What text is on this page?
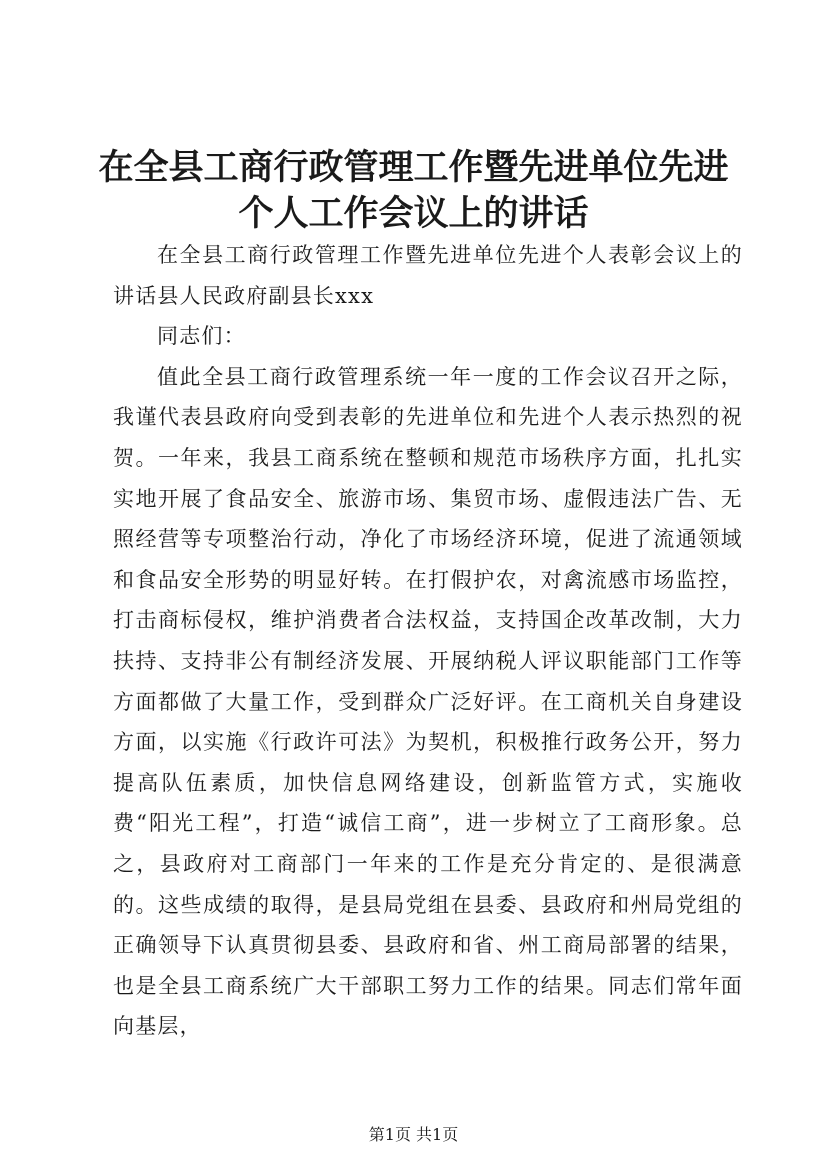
在全县工商行政管理工作暨先进单位先进个人工作会议上的讲话

在全县工商行政管理工作暨先进单位先进个人表彰会议上的讲话县人民政府副县长xxx

同志们：

值此全县工商行政管理系统一年一度的工作会议召开之际，我谨代表县政府向受到表彰的先进单位和先进个人表示热烈的祝贺。一年来，我县工商系统在整顿和规范市场秩序方面，扎扎实实地开展了食品安全、旅游市场、集贸市场、虚假违法广告、无照经营等专项整治行动，净化了市场经济环境，促进了流通领域和食品安全形势的明显好转。在打假护农，对禽流感市场监控，打击商标侵权，维护消费者合法权益，支持国企改革改制，大力扶持、支持非公有制经济发展、开展纳税人评议职能部门工作等方面都做了大量工作，受到群众广泛好评。在工商机关自身建设方面，以实施《行政许可法》为契机，积极推行政务公开，努力提高队伍素质，加快信息网络建设，创新监管方式，实施收费“阳光工程”，打造“诚信工商”，进一步树立了工商形象。总之，县政府对工商部门一年来的工作是充分肯定的、是很满意的。这些成绩的取得，是县局党组在县委、县政府和州局党组的正确领导下认真贯彻县委、县政府和省、州工商局部署的结果，也是全县工商系统广大干部职工努力工作的结果。同志们常年面向基层，

第1页 共1页
